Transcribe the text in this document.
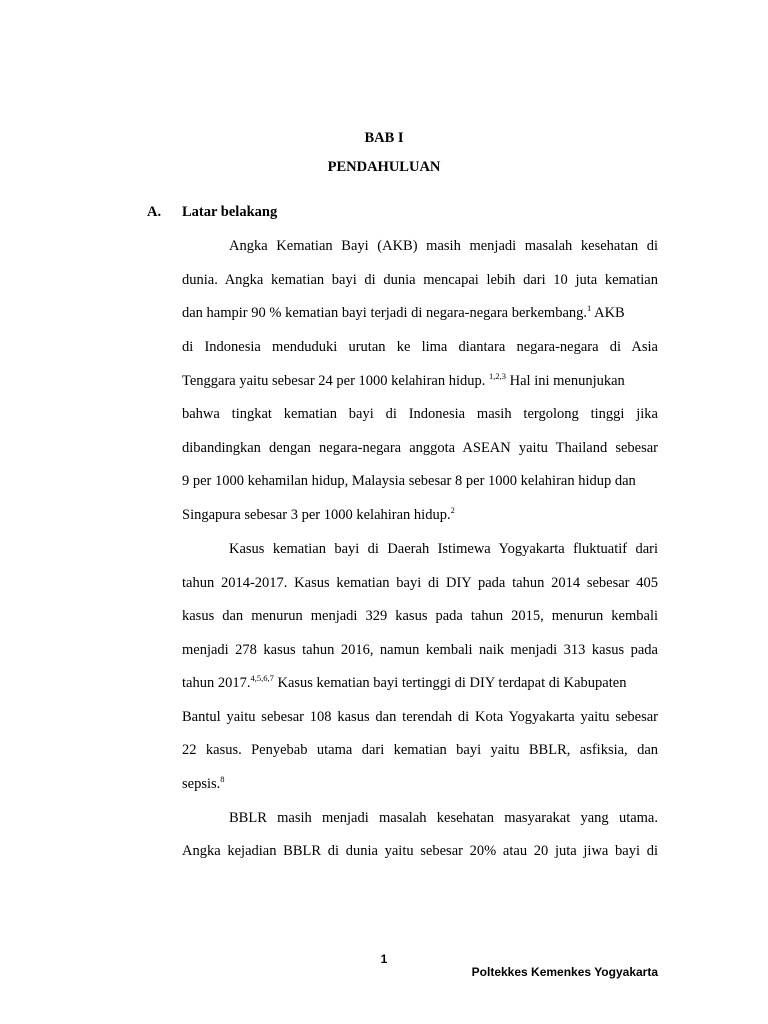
BAB I
PENDAHULUAN
A. Latar belakang
Angka Kematian Bayi (AKB) masih menjadi masalah kesehatan di
dunia. Angka kematian bayi di dunia mencapai lebih dari 10 juta kematian
dan hampir 90 % kematian bayi terjadi di negara-negara berkembang.$^1$ AKB
di Indonesia menduduki urutan ke lima diantara negara-negara di Asia
Tenggara yaitu sebesar 24 per 1000 kelahiran hidup. $^{1,2,3}$ Hal ini menunjukan
bahwa tingkat kematian bayi di Indonesia masih tergolong tinggi jika
dibandingkan dengan negara-negara anggota ASEAN yaitu Thailand sebesar
9 per 1000 kehamilan hidup, Malaysia sebesar 8 per 1000 kelahiran hidup dan
Singapura sebesar 3 per 1000 kelahiran hidup.$^2$
Kasus kematian bayi di Daerah Istimewa Yogyakarta fluktuatif dari
tahun 2014-2017. Kasus kematian bayi di DIY pada tahun 2014 sebesar 405
kasus dan menurun menjadi 329 kasus pada tahun 2015, menurun kembali
menjadi 278 kasus tahun 2016, namun kembali naik menjadi 313 kasus pada
tahun 2017.$^{4,5,6,7}$ Kasus kematian bayi tertinggi di DIY terdapat di Kabupaten
Bantul yaitu sebesar 108 kasus dan terendah di Kota Yogyakarta yaitu sebesar
22 kasus. Penyebab utama dari kematian bayi yaitu BBLR, asfiksia, dan
sepsis.$^8$
BBLR masih menjadi masalah kesehatan masyarakat yang utama.
Angka kejadian BBLR di dunia yaitu sebesar 20% atau 20 juta jiwa bayi di
1
Poltekkes Kemenkes Yogyakarta
